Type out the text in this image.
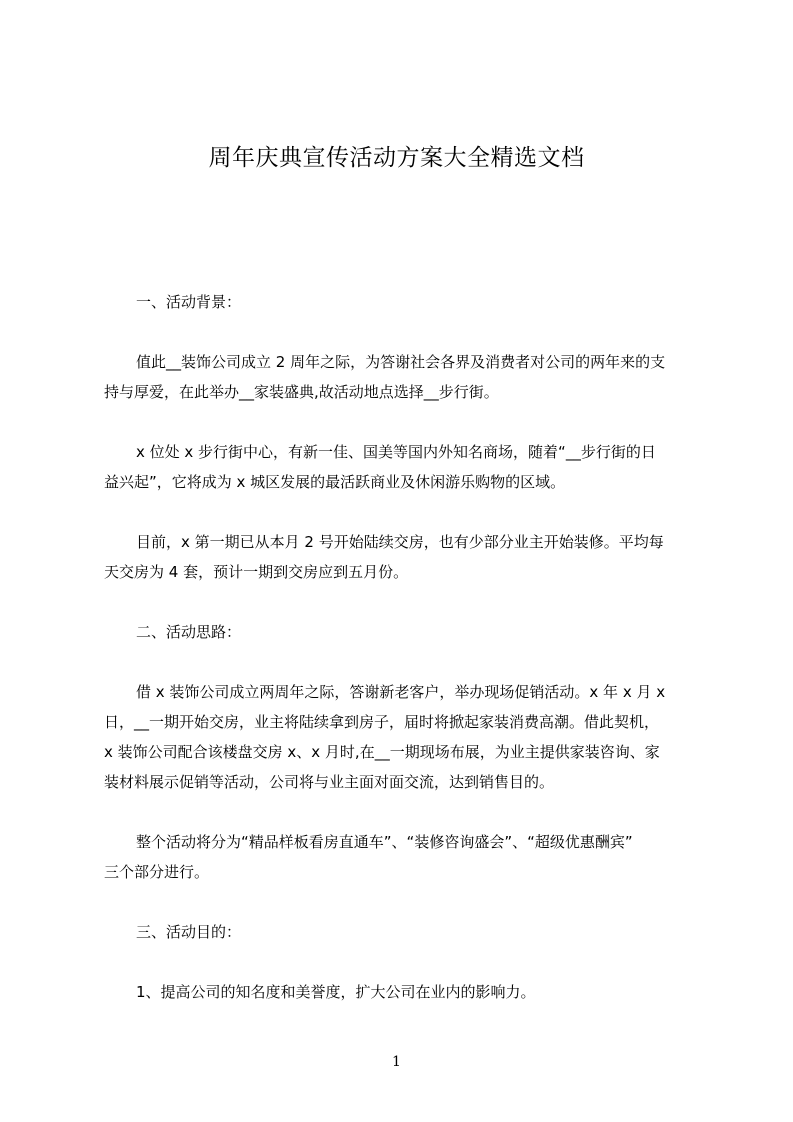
周年庆典宣传活动方案大全精选文档

一、活动背景：

值此__装饰公司成立 2 周年之际，为答谢社会各界及消费者对公司的两年来的支
持与厚爱，在此举办__家装盛典,故活动地点选择__步行街。

x 位处 x 步行街中心，有新一佳、国美等国内外知名商场，随着“__步行街的日
益兴起”，它将成为 x 城区发展的最活跃商业及休闲游乐购物的区域。

目前，x 第一期已从本月 2 号开始陆续交房，也有少部分业主开始装修。平均每
天交房为 4 套，预计一期到交房应到五月份。

二、活动思路：

借 x 装饰公司成立两周年之际，答谢新老客户，举办现场促销活动。x 年 x 月 x
日，__一期开始交房，业主将陆续拿到房子，届时将掀起家装消费高潮。借此契机，
x 装饰公司配合该楼盘交房 x、x 月时,在__一期现场布展，为业主提供家装咨询、家
装材料展示促销等活动，公司将与业主面对面交流，达到销售目的。

整个活动将分为“精品样板看房直通车”、“装修咨询盛会”、“超级优惠酬宾”
三个部分进行。

三、活动目的：

1、提高公司的知名度和美誉度，扩大公司在业内的影响力。

1
